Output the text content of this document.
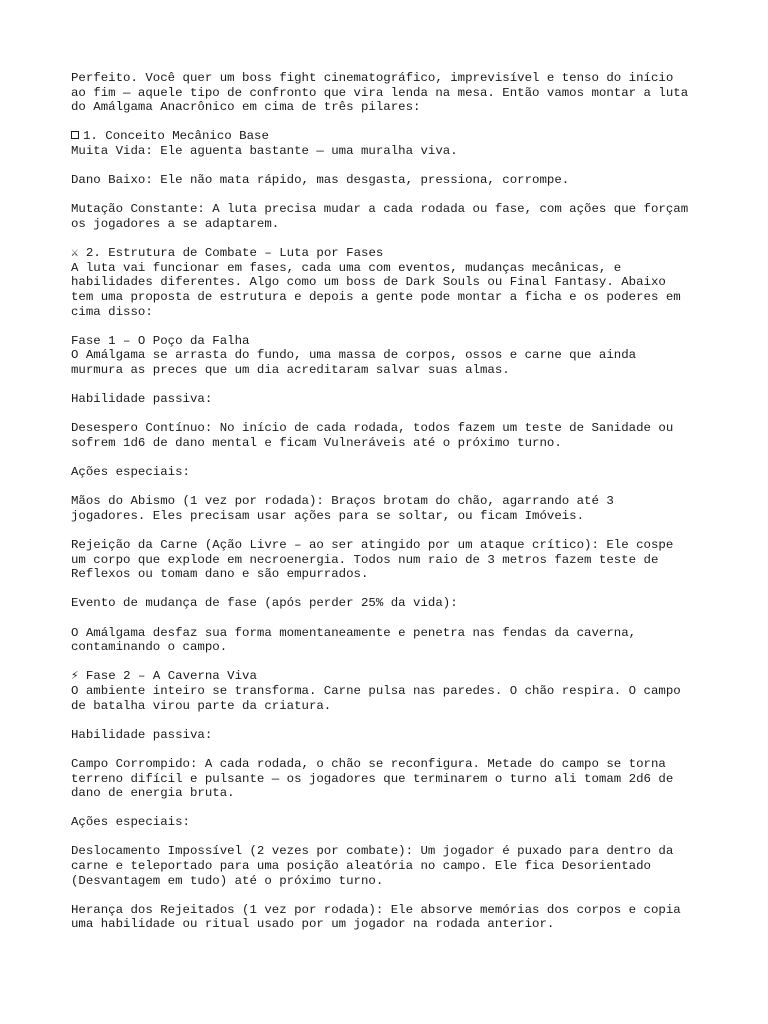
Perfeito. Você quer um boss fight cinematográfico, imprevisível e tenso do início
ao fim — aquele tipo de confronto que vira lenda na mesa. Então vamos montar a luta
do Amálgama Anacrônico em cima de três pilares:

1. Conceito Mecânico Base
Muita Vida: Ele aguenta bastante — uma muralha viva.

Dano Baixo: Ele não mata rápido, mas desgasta, pressiona, corrompe.

Mutação Constante: A luta precisa mudar a cada rodada ou fase, com ações que forçam
os jogadores a se adaptarem.

⚔ 2. Estrutura de Combate – Luta por Fases
A luta vai funcionar em fases, cada uma com eventos, mudanças mecânicas, e
habilidades diferentes. Algo como um boss de Dark Souls ou Final Fantasy. Abaixo
tem uma proposta de estrutura e depois a gente pode montar a ficha e os poderes em
cima disso:

Fase 1 – O Poço da Falha
O Amálgama se arrasta do fundo, uma massa de corpos, ossos e carne que ainda
murmura as preces que um dia acreditaram salvar suas almas.

Habilidade passiva:

Desespero Contínuo: No início de cada rodada, todos fazem um teste de Sanidade ou
sofrem 1d6 de dano mental e ficam Vulneráveis até o próximo turno.

Ações especiais:

Mãos do Abismo (1 vez por rodada): Braços brotam do chão, agarrando até 3
jogadores. Eles precisam usar ações para se soltar, ou ficam Imóveis.

Rejeição da Carne (Ação Livre – ao ser atingido por um ataque crítico): Ele cospe
um corpo que explode em necroenergia. Todos num raio de 3 metros fazem teste de
Reflexos ou tomam dano e são empurrados.

Evento de mudança de fase (após perder 25% da vida):

O Amálgama desfaz sua forma momentaneamente e penetra nas fendas da caverna,
contaminando o campo.

⚡ Fase 2 – A Caverna Viva
O ambiente inteiro se transforma. Carne pulsa nas paredes. O chão respira. O campo
de batalha virou parte da criatura.

Habilidade passiva:

Campo Corrompido: A cada rodada, o chão se reconfigura. Metade do campo se torna
terreno difícil e pulsante — os jogadores que terminarem o turno ali tomam 2d6 de
dano de energia bruta.

Ações especiais:

Deslocamento Impossível (2 vezes por combate): Um jogador é puxado para dentro da
carne e teleportado para uma posição aleatória no campo. Ele fica Desorientado
(Desvantagem em tudo) até o próximo turno.

Herança dos Rejeitados (1 vez por rodada): Ele absorve memórias dos corpos e copia
uma habilidade ou ritual usado por um jogador na rodada anterior.
